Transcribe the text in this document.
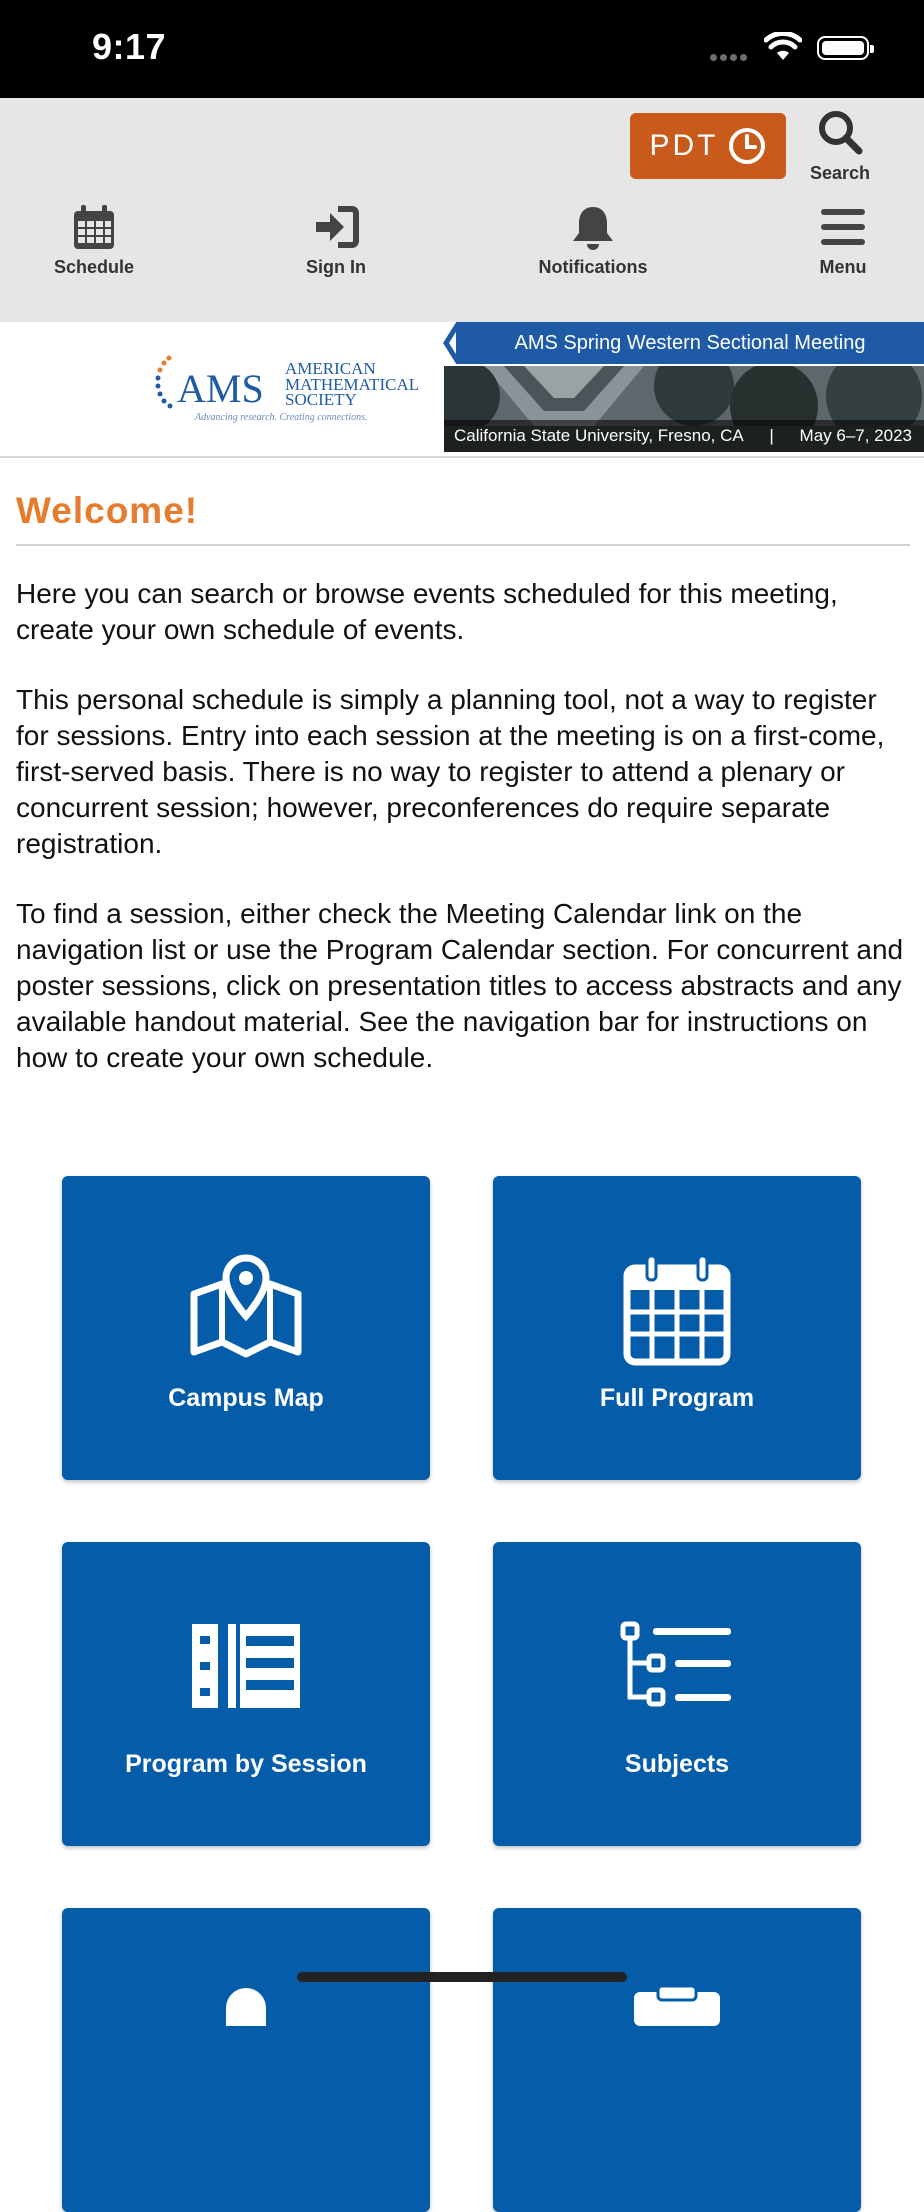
9:17
PDT
Search
Schedule	Sign In	Notifications	Menu
AMS AMERICAN
MATHEMATICAL
SOCIETY
Advancing research. Creating connections.
AMS Spring Western Sectional Meeting
California State University, Fresno, CA | May 6–7, 2023
Welcome!

Here you can search or browse events scheduled for this meeting, create your own schedule of events.

This personal schedule is simply a planning tool, not a way to register for sessions. Entry into each session at the meeting is on a first-come, first-served basis. There is no way to register to attend a plenary or concurrent session; however, preconferences do require separate registration.

To find a session, either check the Meeting Calendar link on the navigation list or use the Program Calendar section. For concurrent and poster sessions, click on presentation titles to access abstracts and any available handout material. See the navigation bar for instructions on how to create your own schedule.

Campus Map	Full Program
Program by Session	Subjects
